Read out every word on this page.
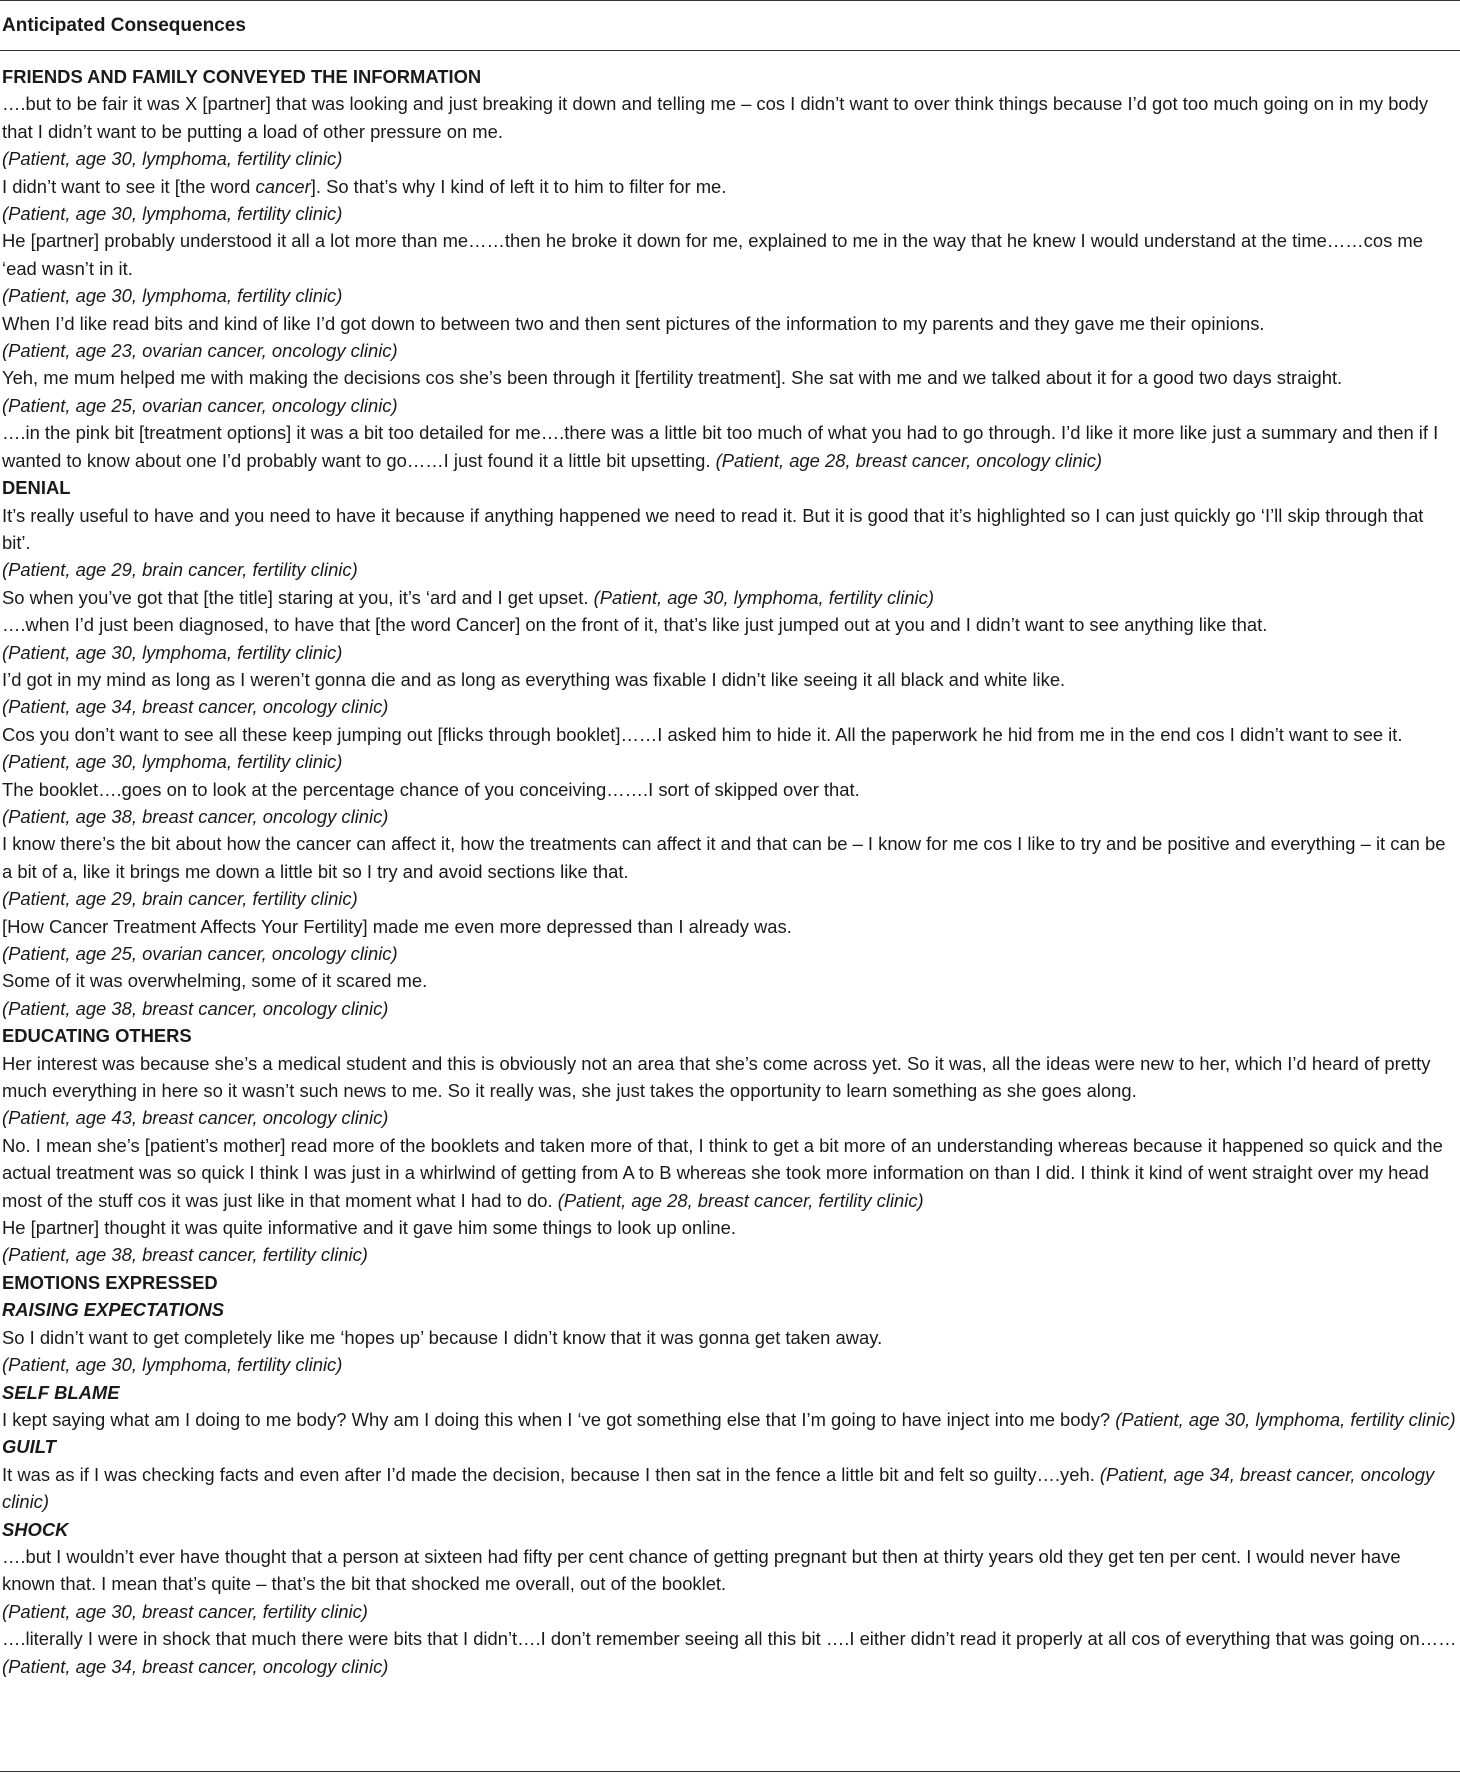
Anticipated Consequences

FRIENDS AND FAMILY CONVEYED THE INFORMATION

….but to be fair it was X [partner] that was looking and just breaking it down and telling me – cos I didn’t want to over think things because I’d got too much going on in my body that I didn’t want to be putting a load of other pressure on me.

(Patient, age 30, lymphoma, fertility clinic)

I didn’t want to see it [the word cancer]. So that’s why I kind of left it to him to filter for me.

(Patient, age 30, lymphoma, fertility clinic)

He [partner] probably understood it all a lot more than me……then he broke it down for me, explained to me in the way that he knew I would understand at the time……cos me ‘ead wasn’t in it.

(Patient, age 30, lymphoma, fertility clinic)

When I’d like read bits and kind of like I’d got down to between two and then sent pictures of the information to my parents and they gave me their opinions.

(Patient, age 23, ovarian cancer, oncology clinic)

Yeh, me mum helped me with making the decisions cos she’s been through it [fertility treatment]. She sat with me and we talked about it for a good two days straight.

(Patient, age 25, ovarian cancer, oncology clinic)

….in the pink bit [treatment options] it was a bit too detailed for me….there was a little bit too much of what you had to go through. I’d like it more like just a summary and then if I wanted to know about one I’d probably want to go……I just found it a little bit upsetting. (Patient, age 28, breast cancer, oncology clinic)

DENIAL

It’s really useful to have and you need to have it because if anything happened we need to read it. But it is good that it’s highlighted so I can just quickly go ‘I’ll skip through that bit’.

(Patient, age 29, brain cancer, fertility clinic)

So when you’ve got that [the title] staring at you, it’s ‘ard and I get upset. (Patient, age 30, lymphoma, fertility clinic)

….when I’d just been diagnosed, to have that [the word Cancer] on the front of it, that’s like just jumped out at you and I didn’t want to see anything like that.

(Patient, age 30, lymphoma, fertility clinic)

I’d got in my mind as long as I weren’t gonna die and as long as everything was fixable I didn’t like seeing it all black and white like.

(Patient, age 34, breast cancer, oncology clinic)

Cos you don’t want to see all these keep jumping out [flicks through booklet]……I asked him to hide it. All the paperwork he hid from me in the end cos I didn’t want to see it.

(Patient, age 30, lymphoma, fertility clinic)

The booklet….goes on to look at the percentage chance of you conceiving…….I sort of skipped over that.

(Patient, age 38, breast cancer, oncology clinic)

I know there’s the bit about how the cancer can affect it, how the treatments can affect it and that can be – I know for me cos I like to try and be positive and everything – it can be a bit of a, like it brings me down a little bit so I try and avoid sections like that.

(Patient, age 29, brain cancer, fertility clinic)

[How Cancer Treatment Affects Your Fertility] made me even more depressed than I already was.

(Patient, age 25, ovarian cancer, oncology clinic)

Some of it was overwhelming, some of it scared me.

(Patient, age 38, breast cancer, oncology clinic)

EDUCATING OTHERS

Her interest was because she’s a medical student and this is obviously not an area that she’s come across yet. So it was, all the ideas were new to her, which I’d heard of pretty much everything in here so it wasn’t such news to me. So it really was, she just takes the opportunity to learn something as she goes along.

(Patient, age 43, breast cancer, oncology clinic)

No. I mean she’s [patient’s mother] read more of the booklets and taken more of that, I think to get a bit more of an understanding whereas because it happened so quick and the actual treatment was so quick I think I was just in a whirlwind of getting from A to B whereas she took more information on than I did. I think it kind of went straight over my head most of the stuff cos it was just like in that moment what I had to do. (Patient, age 28, breast cancer, fertility clinic)

He [partner] thought it was quite informative and it gave him some things to look up online.

(Patient, age 38, breast cancer, fertility clinic)

EMOTIONS EXPRESSED

RAISING EXPECTATIONS

So I didn’t want to get completely like me ‘hopes up’ because I didn’t know that it was gonna get taken away.

(Patient, age 30, lymphoma, fertility clinic)

SELF BLAME

I kept saying what am I doing to me body? Why am I doing this when I ‘ve got something else that I’m going to have inject into me body? (Patient, age 30, lymphoma, fertility clinic)

GUILT

It was as if I was checking facts and even after I’d made the decision, because I then sat in the fence a little bit and felt so guilty….yeh. (Patient, age 34, breast cancer, oncology clinic)

SHOCK

….but I wouldn’t ever have thought that a person at sixteen had fifty per cent chance of getting pregnant but then at thirty years old they get ten per cent. I would never have known that. I mean that’s quite – that’s the bit that shocked me overall, out of the booklet.

(Patient, age 30, breast cancer, fertility clinic)

….literally I were in shock that much there were bits that I didn’t….I don’t remember seeing all this bit ….I either didn’t read it properly at all cos of everything that was going on……

(Patient, age 34, breast cancer, oncology clinic)
